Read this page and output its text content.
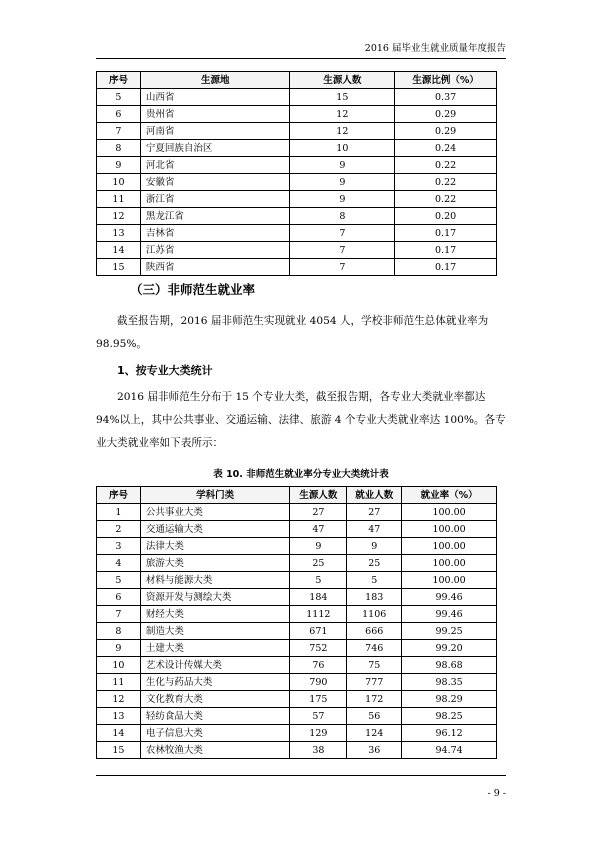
2016 届毕业生就业质量年度报告
序号	生源地	生源人数	生源比例（%）
5	山西省	15	0.37
6	贵州省	12	0.29
7	河南省	12	0.29
8	宁夏回族自治区	10	0.24
9	河北省	9	0.22
10	安徽省	9	0.22
11	浙江省	9	0.22
12	黑龙江省	8	0.20
13	吉林省	7	0.17
14	江苏省	7	0.17
15	陕西省	7	0.17
（三）非师范生就业率

截至报告期，2016 届非师范生实现就业 4054 人，学校非师范生总体就业率为 98.95%。

1、按专业大类统计

2016 届非师范生分布于 15 个专业大类，截至报告期，各专业大类就业率都达 94%以上，其中公共事业、交通运输、法律、旅游 4 个专业大类就业率达 100%。各专业大类就业率如下表所示：

表 10. 非师范生就业率分专业大类统计表
序号	学科门类	生源人数	就业人数	就业率（%）
1	公共事业大类	27	27	100.00
2	交通运输大类	47	47	100.00
3	法律大类	9	9	100.00
4	旅游大类	25	25	100.00
5	材料与能源大类	5	5	100.00
6	资源开发与测绘大类	184	183	99.46
7	财经大类	1112	1106	99.46
8	制造大类	671	666	99.25
9	土建大类	752	746	99.20
10	艺术设计传媒大类	76	75	98.68
11	生化与药品大类	790	777	98.35
12	文化教育大类	175	172	98.29
13	轻纺食品大类	57	56	98.25
14	电子信息大类	129	124	96.12
15	农林牧渔大类	38	36	94.74
- 9 -
